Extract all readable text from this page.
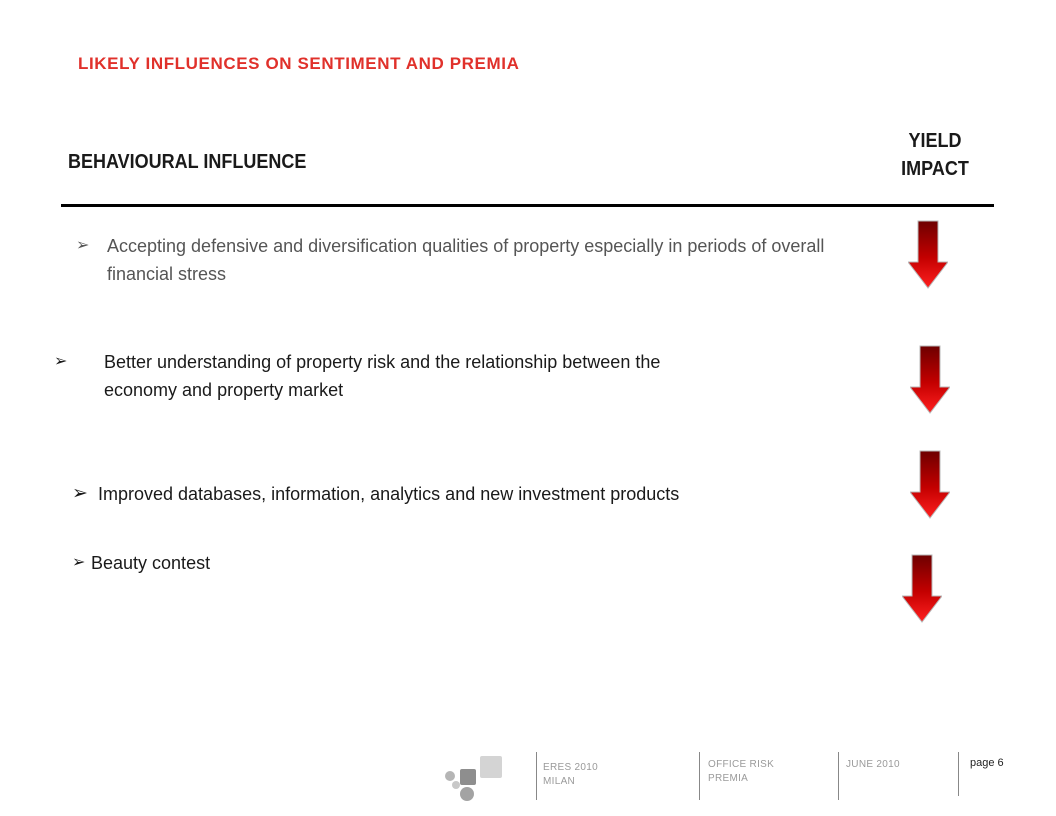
LIKELY INFLUENCES ON SENTIMENT AND PREMIA
BEHAVIOURAL INFLUENCE
YIELD
IMPACT
➢ Accepting defensive and diversification qualities of property especially in periods of overall financial stress
➢	Better understanding of property risk and the relationship between the
economy and property market
➢ Improved databases, information, analytics and new investment products
➢ Beauty contest
ERES 2010
MILAN
OFFICE RISK
PREMIA
JUNE 2010	page 6
